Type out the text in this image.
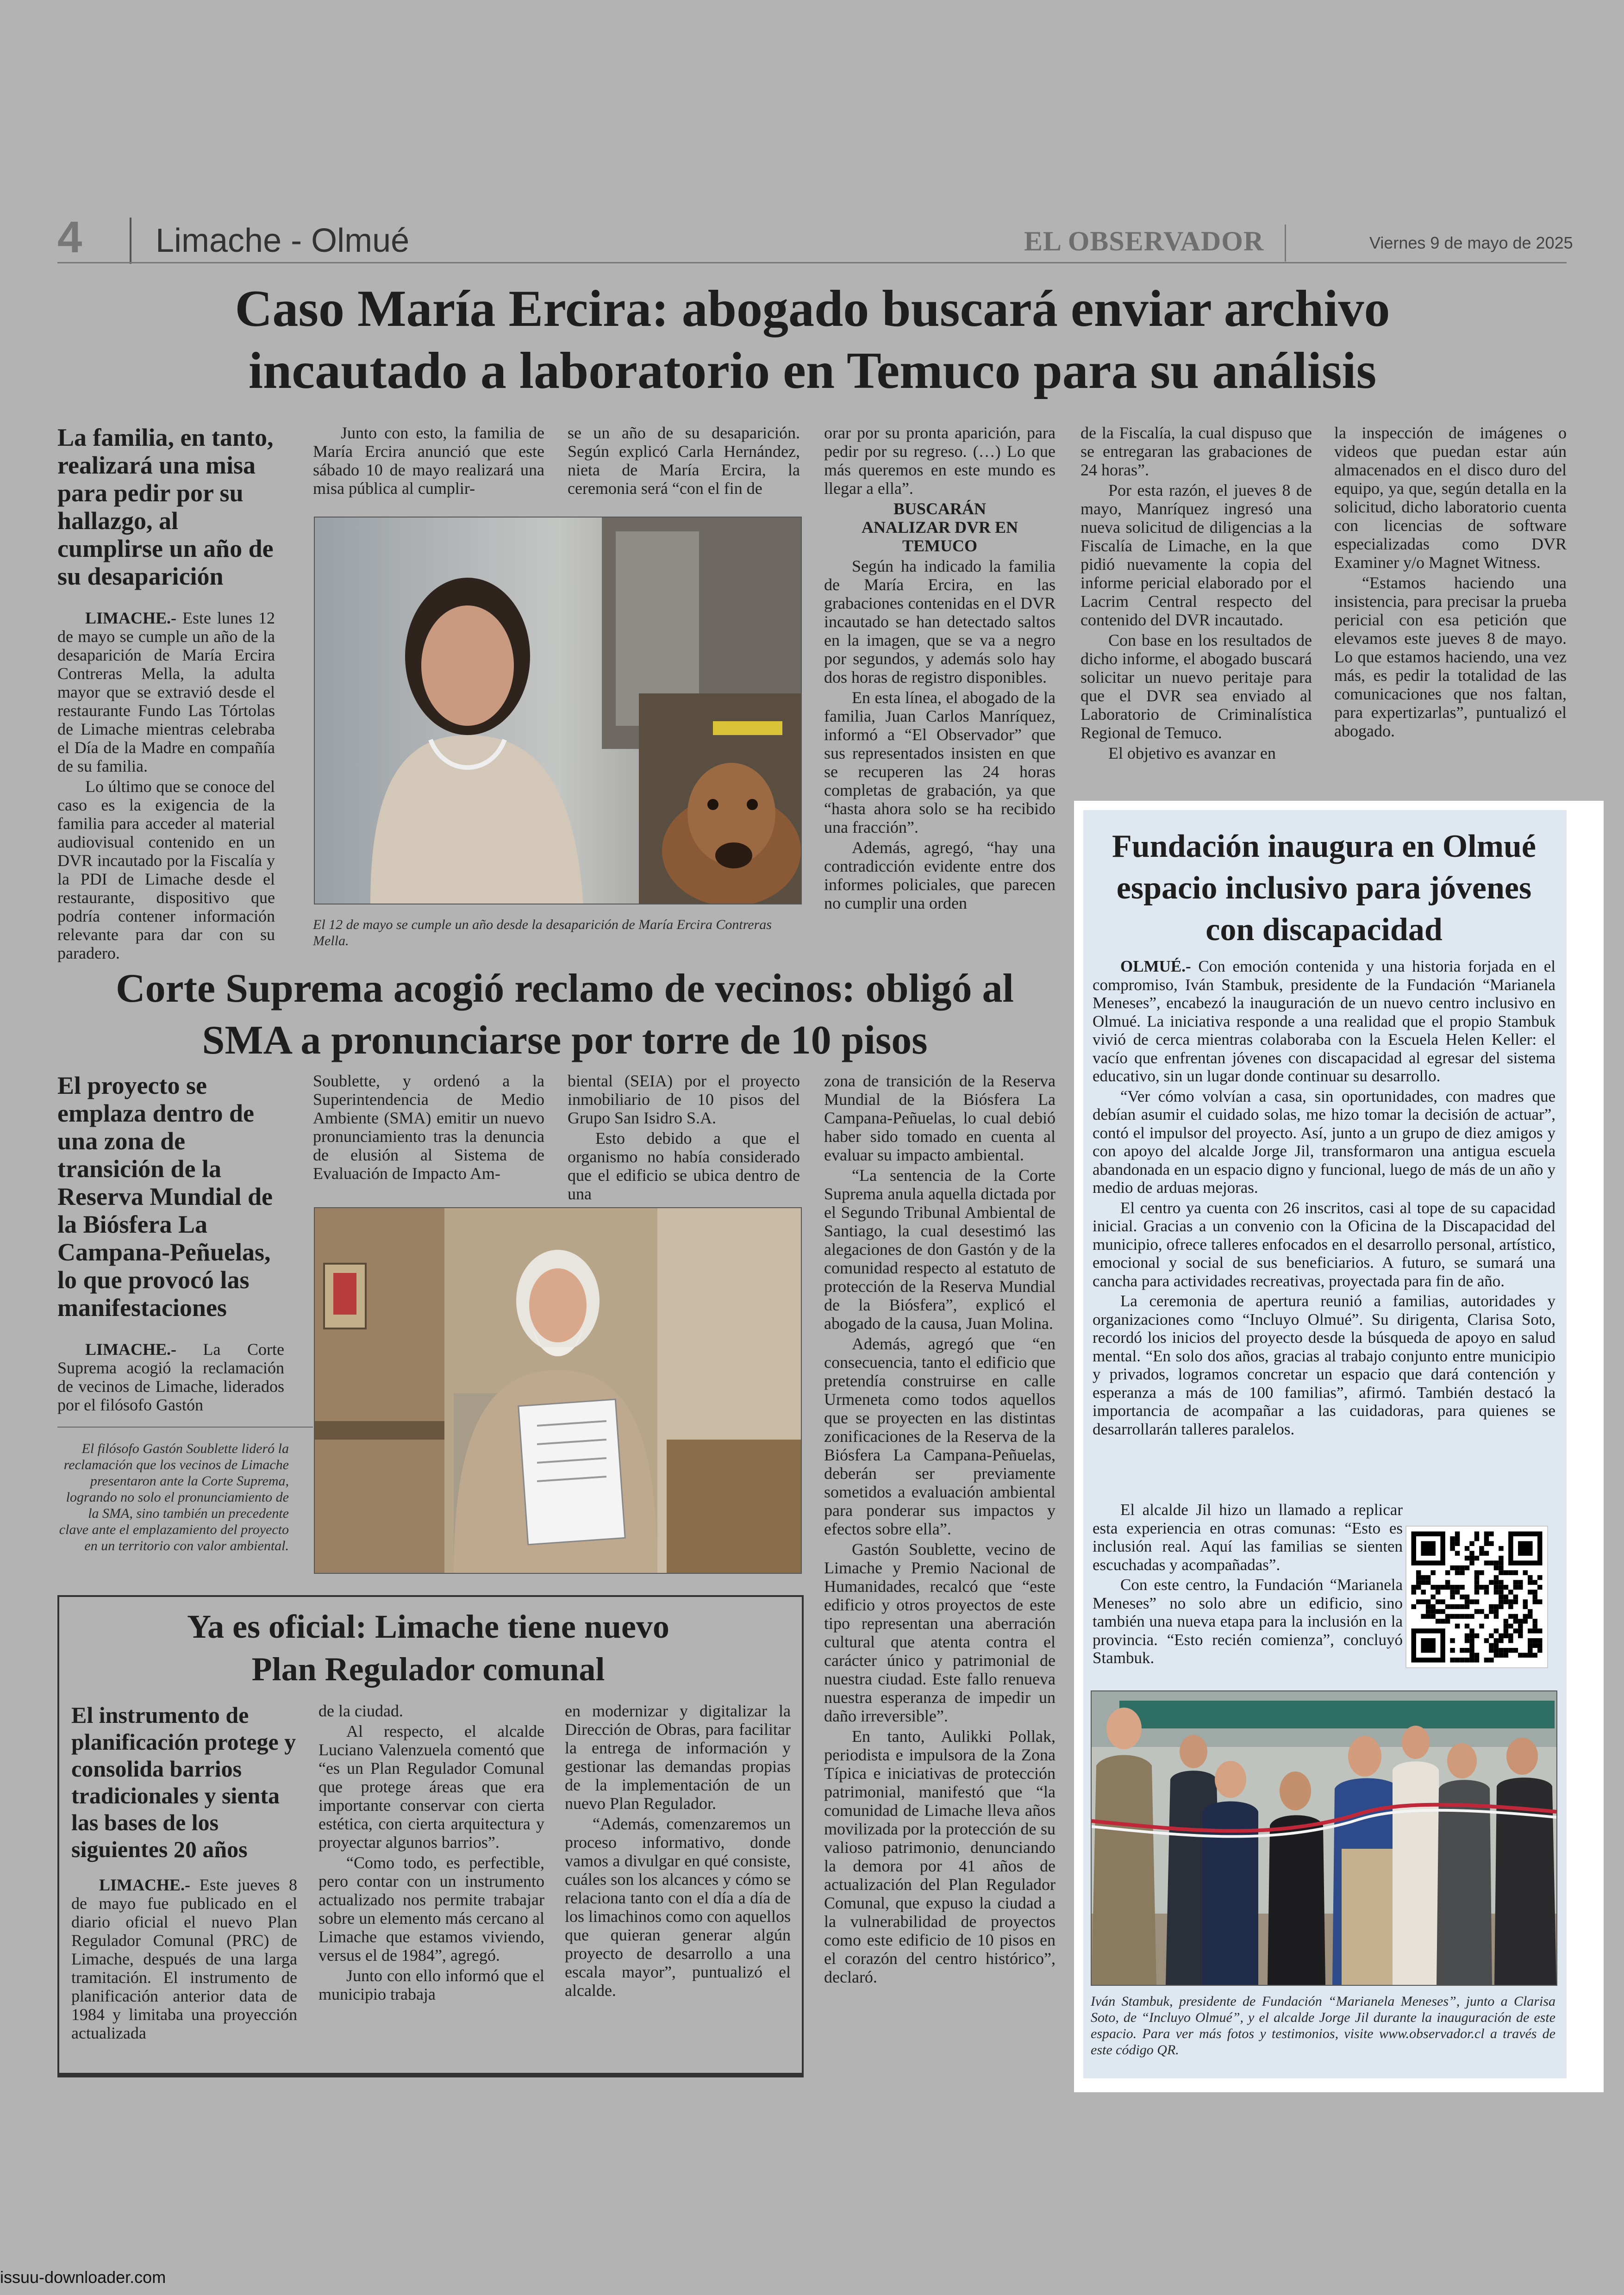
4 Limache - Olmué	EL OBSERVADOR	Viernes 9 de mayo de 2025
Caso María Ercira: abogado buscará enviar archivo incautado a laboratorio en Temuco para su análisis

La familia, en tanto, realizará una misa para pedir por su hallazgo, al cumplirse un año de su desaparición

LIMACHE.- Este lunes 12 de mayo se cumple un año de la desaparición de María Ercira Contreras Mella, la adulta mayor que se extravió desde el restaurante Fundo Las Tórtolas de Limache mientras celebraba el Día de la Madre en compañía de su familia.

Lo último que se conoce del caso es la exigencia de la familia para acceder al material audiovisual contenido en un DVR incautado por la Fiscalía y la PDI de Limache desde el restaurante, dispositivo que podría contener información relevante para dar con su paradero.

Junto con esto, la familia de María Ercira anunció que este sábado 10 de mayo realizará una misa pública al cumplir-

se un año de su desaparición. Según explicó Carla Hernández, nieta de María Ercira, la ceremonia será “con el fin de

El 12 de mayo se cumple un año desde la desaparición de María Ercira Contreras Mella.

orar por su pronta aparición, para pedir por su regreso. (…) Lo que más queremos en este mundo es llegar a ella”.

BUSCARÁN ANALIZAR DVR EN TEMUCO

Según ha indicado la familia de María Ercira, en las grabaciones contenidas en el DVR incautado se han detectado saltos en la imagen, que se va a negro por segundos, y además solo hay dos horas de registro disponibles.

En esta línea, el abogado de la familia, Juan Carlos Manríquez, informó a “El Observador” que sus representados insisten en que se recuperen las 24 horas completas de grabación, ya que “hasta ahora solo se ha recibido una fracción”.

Además, agregó, “hay una contradicción evidente entre dos informes policiales, que parecen no cumplir una orden

de la Fiscalía, la cual dispuso que se entregaran las grabaciones de 24 horas”.

Por esta razón, el jueves 8 de mayo, Manríquez ingresó una nueva solicitud de diligencias a la Fiscalía de Limache, en la que pidió nuevamente la copia del informe pericial elaborado por el Lacrim Central respecto del contenido del DVR incautado.

Con base en los resultados de dicho informe, el abogado buscará solicitar un nuevo peritaje para que el DVR sea enviado al Laboratorio de Criminalística Regional de Temuco.

El objetivo es avanzar en

la inspección de imágenes o videos que puedan estar aún almacenados en el disco duro del equipo, ya que, según detalla en la solicitud, dicho laboratorio cuenta con licencias de software especializadas como DVR Examiner y/o Magnet Witness.

“Estamos haciendo una insistencia, para precisar la prueba pericial con esa petición que elevamos este jueves 8 de mayo. Lo que estamos haciendo, una vez más, es pedir la totalidad de las comunicaciones que nos faltan, para expertizarlas”, puntualizó el abogado.

Corte Suprema acogió reclamo de vecinos: obligó al SMA a pronunciarse por torre de 10 pisos

El proyecto se emplaza dentro de una zona de transición de la Reserva Mundial de la Biósfera La Campana-Peñuelas, lo que provocó las manifestaciones

LIMACHE.- La Corte Suprema acogió la reclamación de vecinos de Limache, liderados por el filósofo Gastón

El filósofo Gastón Soublette lideró la reclamación que los vecinos de Limache presentaron ante la Corte Suprema, logrando no solo el pronunciamiento de la SMA, sino también un precedente clave ante el emplazamiento del proyecto en un territorio con valor ambiental.

Soublette, y ordenó a la Superintendencia de Medio Ambiente (SMA) emitir un nuevo pronunciamiento tras la denuncia de elusión al Sistema de Evaluación de Impacto Am-

biental (SEIA) por el proyecto inmobiliario de 10 pisos del Grupo San Isidro S.A.

Esto debido a que el organismo no había considerado que el edificio se ubica dentro de una

zona de transición de la Reserva Mundial de la Biósfera La Campana-Peñuelas, lo cual debió haber sido tomado en cuenta al evaluar su impacto ambiental.

“La sentencia de la Corte Suprema anula aquella dictada por el Segundo Tribunal Ambiental de Santiago, la cual desestimó las alegaciones de don Gastón y de la comunidad respecto al estatuto de protección de la Reserva Mundial de la Biósfera”, explicó el abogado de la causa, Juan Molina.

Además, agregó que “en consecuencia, tanto el edificio que pretendía construirse en calle Urmeneta como todos aquellos que se proyecten en las distintas zonificaciones de la Reserva de la Biósfera La Campana-Peñuelas, deberán ser previamente sometidos a evaluación ambiental para ponderar sus impactos y efectos sobre ella”.

Gastón Soublette, vecino de Limache y Premio Nacional de Humanidades, recalcó que “este edificio y otros proyectos de este tipo representan una aberración cultural que atenta contra el carácter único y patrimonial de nuestra ciudad. Este fallo renueva nuestra esperanza de impedir un daño irreversible”.

En tanto, Aulikki Pollak, periodista e impulsora de la Zona Típica e iniciativas de protección patrimonial, manifestó que “la comunidad de Limache lleva años movilizada por la protección de su valioso patrimonio, denunciando la demora por 41 años de actualización del Plan Regulador Comunal, que expuso la ciudad a la vulnerabilidad de proyectos como este edificio de 10 pisos en el corazón del centro histórico”, declaró.

Ya es oficial: Limache tiene nuevo Plan Regulador comunal

El instrumento de planificación protege y consolida barrios tradicionales y sienta las bases de los siguientes 20 años

LIMACHE.- Este jueves 8 de mayo fue publicado en el diario oficial el nuevo Plan Regulador Comunal (PRC) de Limache, después de una larga tramitación. El instrumento de planificación anterior data de 1984 y limitaba una proyección actualizada

de la ciudad.

Al respecto, el alcalde Luciano Valenzuela comentó que “es un Plan Regulador Comunal que protege áreas que era importante conservar con cierta estética, con cierta arquitectura y proyectar algunos barrios”.

“Como todo, es perfectible, pero contar con un instrumento actualizado nos permite trabajar sobre un elemento más cercano al Limache que estamos viviendo, versus el de 1984”, agregó.

Junto con ello informó que el municipio trabaja

en modernizar y digitalizar la Dirección de Obras, para facilitar la entrega de información y gestionar las demandas propias de la implementación de un nuevo Plan Regulador.

“Además, comenzaremos un proceso informativo, donde vamos a divulgar en qué consiste, cuáles son los alcances y cómo se relaciona tanto con el día a día de los limachinos como con aquellos que quieran generar algún proyecto de desarrollo a una escala mayor”, puntualizó el alcalde.

Fundación inaugura en Olmué espacio inclusivo para jóvenes con discapacidad

OLMUÉ.- Con emoción contenida y una historia forjada en el compromiso, Iván Stambuk, presidente de la Fundación “Marianela Meneses”, encabezó la inauguración de un nuevo centro inclusivo en Olmué. La iniciativa responde a una realidad que el propio Stambuk vivió de cerca mientras colaboraba con la Escuela Helen Keller: el vacío que enfrentan jóvenes con discapacidad al egresar del sistema educativo, sin un lugar donde continuar su desarrollo.

“Ver cómo volvían a casa, sin oportunidades, con madres que debían asumir el cuidado solas, me hizo tomar la decisión de actuar”, contó el impulsor del proyecto. Así, junto a un grupo de diez amigos y con apoyo del alcalde Jorge Jil, transformaron una antigua escuela abandonada en un espacio digno y funcional, luego de más de un año y medio de arduas mejoras.

El centro ya cuenta con 26 inscritos, casi al tope de su capacidad inicial. Gracias a un convenio con la Oficina de la Discapacidad del municipio, ofrece talleres enfocados en el desarrollo personal, artístico, emocional y social de sus beneficiarios. A futuro, se sumará una cancha para actividades recreativas, proyectada para fin de año.

La ceremonia de apertura reunió a familias, autoridades y organizaciones como “Incluyo Olmué”. Su dirigenta, Clarisa Soto, recordó los inicios del proyecto desde la búsqueda de apoyo en salud mental. “En solo dos años, gracias al trabajo conjunto entre municipio y privados, logramos concretar un espacio que dará contención y esperanza a más de 100 familias”, afirmó. También destacó la importancia de acompañar a las cuidadoras, para quienes se desarrollarán talleres paralelos.

El alcalde Jil hizo un llamado a replicar esta experiencia en otras comunas: “Esto es inclusión real. Aquí las familias se sienten escuchadas y acompañadas”.

Con este centro, la Fundación “Marianela Meneses” no solo abre un edificio, sino también una nueva etapa para la inclusión en la provincia. “Esto recién comienza”, concluyó Stambuk.

Iván Stambuk, presidente de Fundación “Marianela Meneses”, junto a Clarisa Soto, de “Incluyo Olmué”, y el alcalde Jorge Jil durante la inauguración de este espacio. Para ver más fotos y testimonios, visite www.observador.cl a través de este código QR.
issuu-downloader.com
